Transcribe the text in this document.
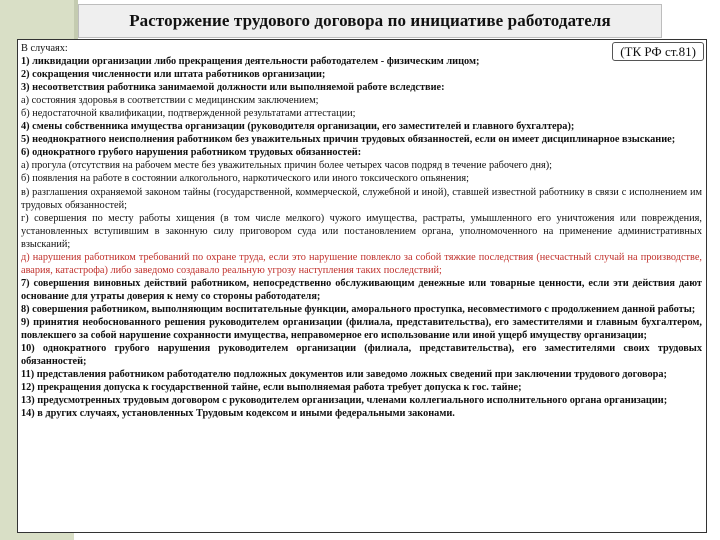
Расторжение трудового договора по инициативе работодателя
(ТК РФ ст.81)

В случаях:

1) ликвидации организации либо прекращения деятельности работодателем - физическим лицом;

2) сокращения численности или штата работников организации;

3) несоответствия работника занимаемой должности или выполняемой работе вследствие:

а) состояния здоровья в соответствии с медицинским заключением;

б) недостаточной квалификации, подтвержденной результатами аттестации;

4) смены собственника имущества организации (руководителя организации, его заместителей и главного бухгалтера);

5) неоднократного неисполнения работником без уважительных причин трудовых обязанностей, если он имеет дисциплинарное взыскание;

6) однократного грубого нарушения работником трудовых обязанностей:

а) прогула (отсутствия на рабочем месте без уважительных причин более четырех часов подряд в течение рабочего дня);

б) появления на работе в состоянии алкогольного, наркотического или иного токсического опьянения;

в) разглашения охраняемой законом тайны (государственной, коммерческой, служебной и иной), ставшей известной работнику в связи с исполнением им трудовых обязанностей;

г) совершения по месту работы хищения (в том числе мелкого) чужого имущества, растраты, умышленного его уничтожения или повреждения, установленных вступившим в законную силу приговором суда или постановлением органа, уполномоченного на применение административных взысканий;

д) нарушения работником требований по охране труда, если это нарушение повлекло за собой тяжкие последствия (несчастный случай на производстве, авария, катастрофа) либо заведомо создавало реальную угрозу наступления таких последствий;

7) совершения виновных действий работником, непосредственно обслуживающим денежные или товарные ценности, если эти действия дают основание для утраты доверия к нему со стороны работодателя;

8) совершения работником, выполняющим воспитательные функции, аморального проступка, несовместимого с продолжением данной работы;

9) принятия необоснованного решения руководителем организации (филиала, представительства), его заместителями и главным бухгалтером, повлекшего за собой нарушение сохранности имущества, неправомерное его использование или иной ущерб имуществу организации;

10) однократного грубого нарушения руководителем организации (филиала, представительства), его заместителями своих трудовых обязанностей;

11) представления работником работодателю подложных документов или заведомо ложных сведений при заключении трудового договора;

12) прекращения допуска к государственной тайне, если выполняемая работа требует допуска к гос. тайне;

13) предусмотренных трудовым договором с руководителем организации, членами коллегиального исполнительного органа организации;

14) в других случаях, установленных Трудовым кодексом и иными федеральными законами.
